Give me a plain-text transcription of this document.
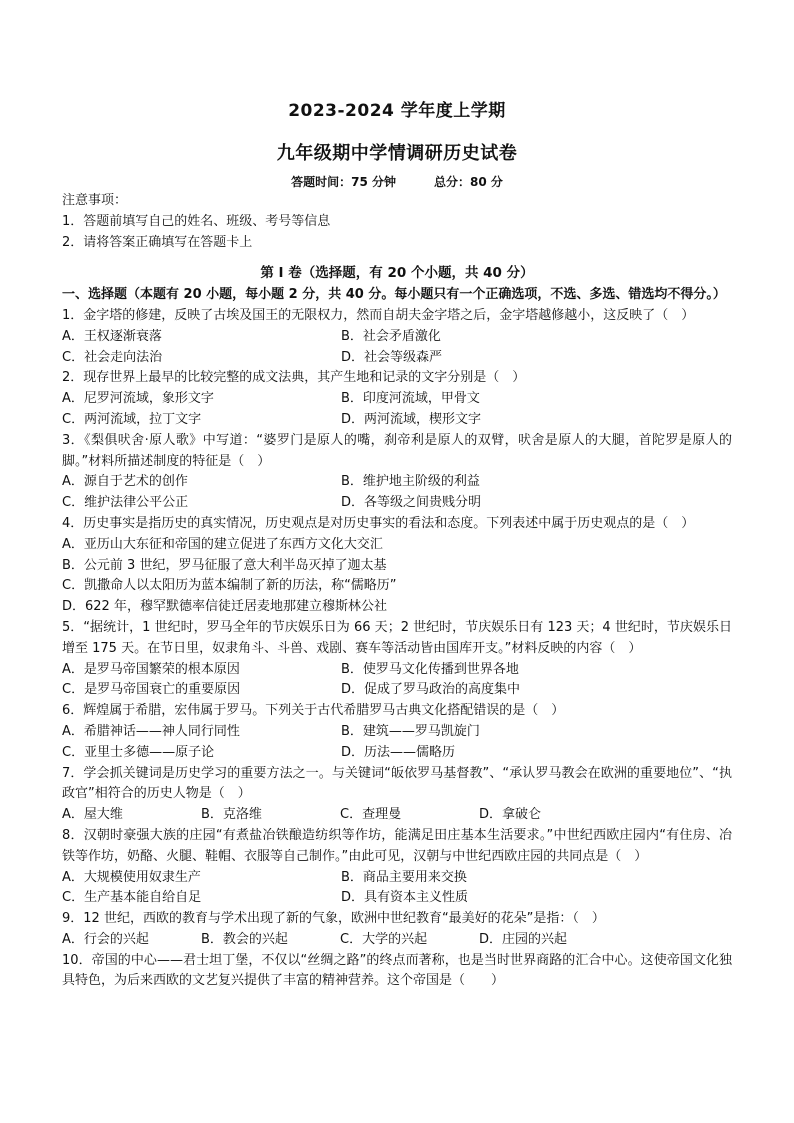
2023-2024 学年度上学期
九年级期中学情调研历史试卷
答题时间：75 分钟	总分：80 分
注意事项：
1．答题前填写自己的姓名、班级、考号等信息
2．请将答案正确填写在答题卡上
第 I 卷（选择题，有 20 个小题，共 40 分）
一、选择题（本题有 20 小题，每小题 2 分，共 40 分。每小题只有一个正确选项，不选、多选、错选均不得分。）
1．金字塔的修建，反映了古埃及国王的无限权力，然而自胡夫金字塔之后，金字塔越修越小，这反映了（　）
A．王权逐渐衰落	B．社会矛盾激化
C．社会走向法治	D．社会等级森严
2．现存世界上最早的比较完整的成文法典，其产生地和记录的文字分别是（　）
A．尼罗河流域，象形文字	B．印度河流域，甲骨文
C．两河流域，拉丁文字	D．两河流域，楔形文字
3．《梨俱吠舍·原人歌》中写道：“婆罗门是原人的嘴，刹帝利是原人的双臂，吠舍是原人的大腿，首陀罗是原人的脚。”材料所描述制度的特征是（　）
A．源自于艺术的创作	B．维护地主阶级的利益
C．维护法律公平公正	D．各等级之间贵贱分明
4．历史事实是指历史的真实情况，历史观点是对历史事实的看法和态度。下列表述中属于历史观点的是（　）
A．亚历山大东征和帝国的建立促进了东西方文化大交汇
B．公元前 3 世纪，罗马征服了意大利半岛灭掉了迦太基
C．凯撒命人以太阳历为蓝本编制了新的历法，称“儒略历”
D．622 年，穆罕默德率信徒迁居麦地那建立穆斯林公社
5．“据统计，1 世纪时，罗马全年的节庆娱乐日为 66 天；2 世纪时，节庆娱乐日有 123 天；4 世纪时，节庆娱乐日增至 175 天。在节日里，奴隶角斗、斗兽、戏剧、赛车等活动皆由国库开支。”材料反映的内容（　）
A．是罗马帝国繁荣的根本原因	B．使罗马文化传播到世界各地
C．是罗马帝国衰亡的重要原因	D．促成了罗马政治的高度集中
6．辉煌属于希腊，宏伟属于罗马。下列关于古代希腊罗马古典文化搭配错误的是（　）
A．希腊神话——神人同行同性	B．建筑——罗马凯旋门
C．亚里士多德——原子论	D．历法——儒略历
7．学会抓关键词是历史学习的重要方法之一。与关键词“皈依罗马基督教”、“承认罗马教会在欧洲的重要地位”、“执政官”相符合的历史人物是（　）
A．屋大维	B．克洛维	C．查理曼	D．拿破仑
8．汉朝时豪强大族的庄园“有煮盐冶铁酿造纺织等作坊，能满足田庄基本生活要求。”中世纪西欧庄园内“有住房、冶铁等作坊，奶酪、火腿、鞋帽、衣服等自己制作。”由此可见，汉朝与中世纪西欧庄园的共同点是（　）
A．大规模使用奴隶生产	B．商品主要用来交换
C．生产基本能自给自足	D．具有资本主义性质
9．12 世纪，西欧的教育与学术出现了新的气象，欧洲中世纪教育“最美好的花朵”是指：（　）
A．行会的兴起	B．教会的兴起	C．大学的兴起	D．庄园的兴起
10．帝国的中心——君士坦丁堡，不仅以“丝绸之路”的终点而著称，也是当时世界商路的汇合中心。这使帝国文化独具特色，为后来西欧的文艺复兴提供了丰富的精神营养。这个帝国是（　　）
